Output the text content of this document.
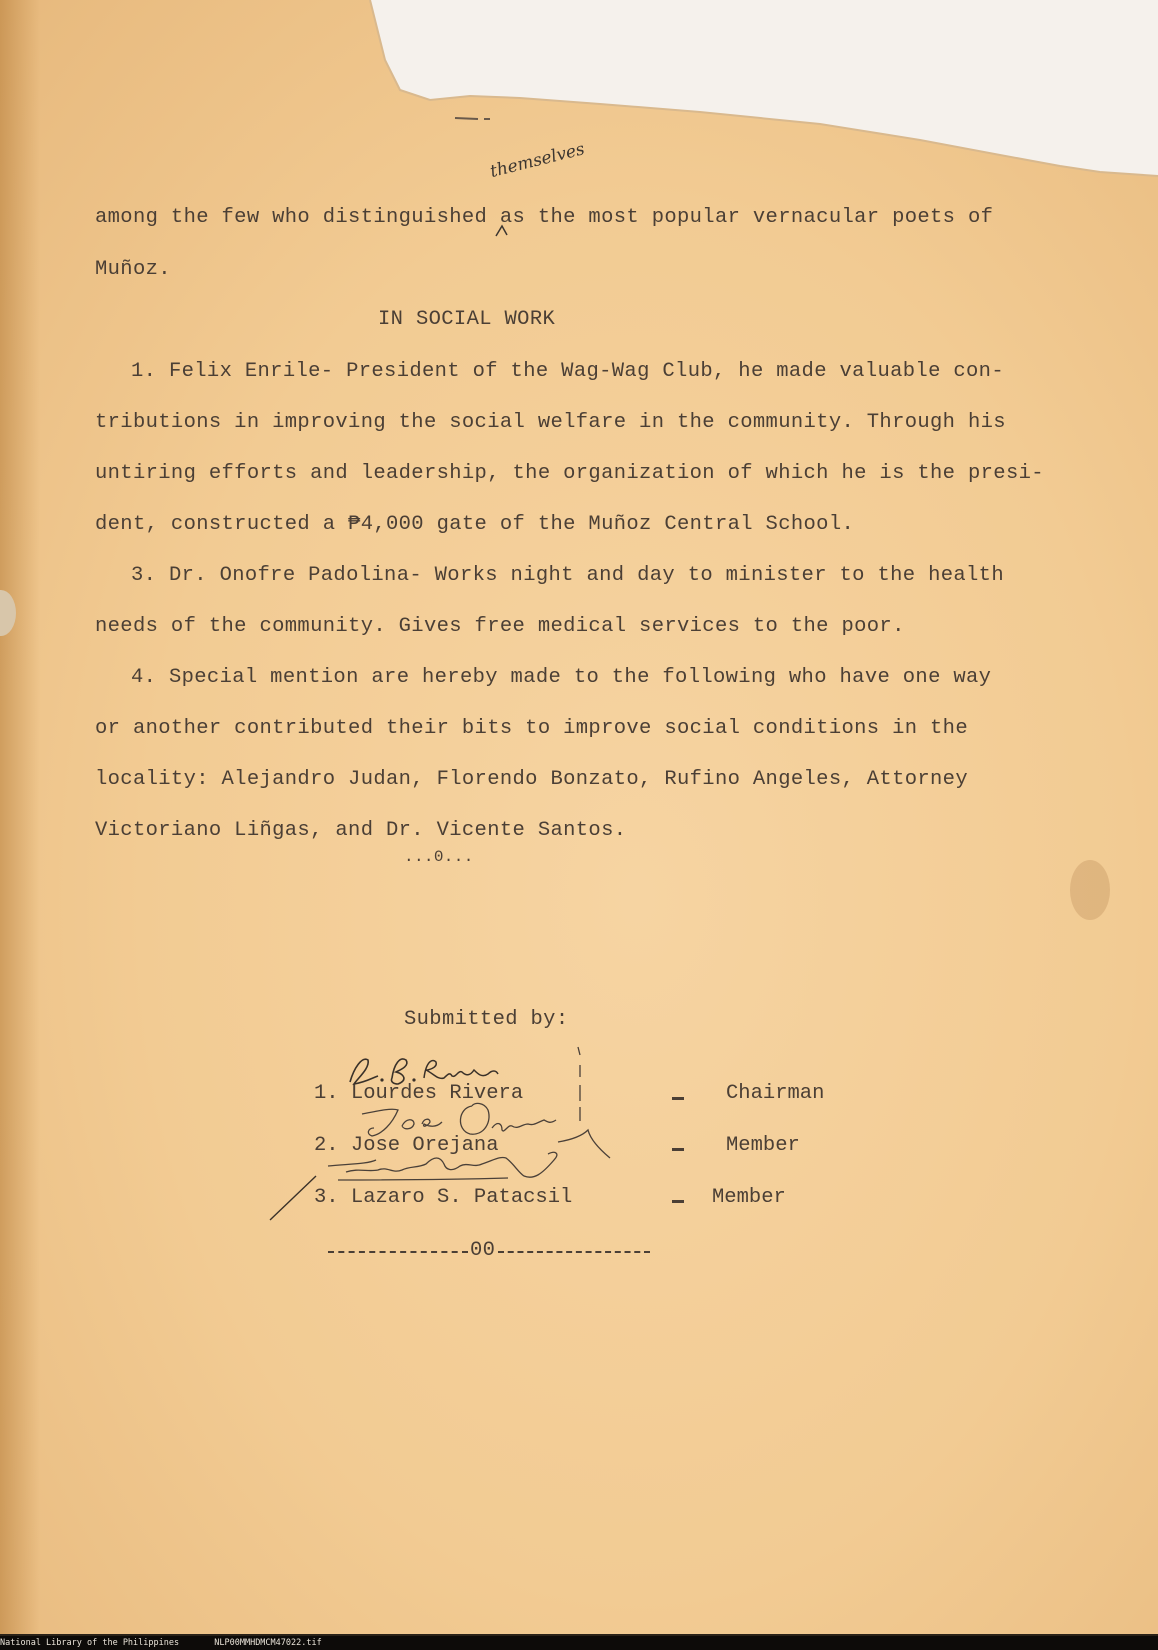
themselves
among the few who distinguished as the most popular vernacular poets of
Muñoz.
IN SOCIAL WORK
1. Felix Enrile- President of the Wag-Wag Club, he made valuable con-
tributions in improving the social welfare in the community. Through his
untiring efforts and leadership, the organization of which he is the presi-
dent, constructed a ₱4,000 gate of the Muñoz Central School.
3. Dr. Onofre Padolina- Works night and day to minister to the health
needs of the community. Gives free medical services to the poor.
4. Special mention are hereby made to the following who have one way
or another contributed their bits to improve social conditions in the
locality: Alejandro Judan, Florendo Bonzato, Rufino Angeles, Attorney
Victoriano Liñgas, and Dr. Vicente Santos.
...0...
Submitted by:
1. Lourdes Rivera	Chairman
2. Jose Orejana	Member
3. Lazaro S. Patacsil	Member
00
National Library of the Philippines	NLP00MMHDMCM47022.tif
